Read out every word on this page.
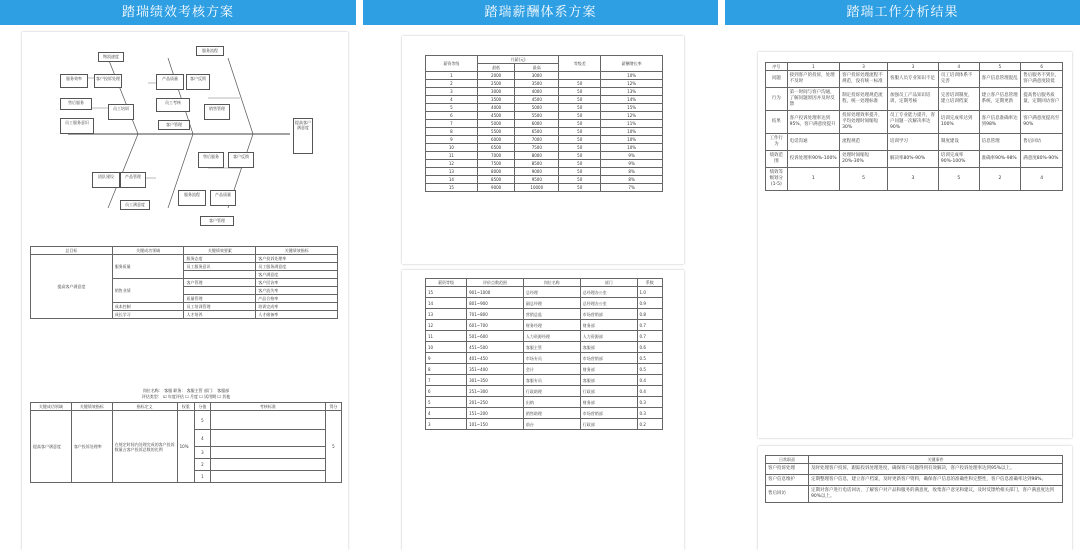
踏瑞绩效考核方案	踏瑞薪酬体系方案	踏瑞工作分析结果
提高客户满意度
物流速度
服务效率	客户投诉处理
售后服务
员工服务意识
员工培训
产品质量	客户反馈
服务流程
员工考核
销售管理
客户管理
团队建设	产品管理
员工满意度
售后服务	客户反馈
服务流程	产品质量
客户管理
总目标	关键成功领域	关键绩效要素	关键绩效指标
提高客户满意度	服务质量	服务态度	客户投诉处理率
		员工服务意识	员工服务满意度
			客户满意度
	销售业绩	客户管理	客户回访率
			客户流失率
		质量管理	产品合格率
	成本控制	员工培训管理	培训完成率
	成长学习	人才培养	人才储备率
岗位名称： 客服 职务： 客服主管 部门： 客服部
评估类型： ☑ 年度评估 ☐ 月度 ☐ 试用期 ☐ 其他
关键成功领域	关键绩效指标	指标定义	权重	分值	考核标准	得分
提高客户满意度	客户投诉处理率	在规定时间内处理完成的客户投诉数量占客户投诉总数的比例	10%	5		5
				4		
				3		
				2		
				1		
薪资等级	月薪(元)		等级差	薪酬增长率
	最低	最高		
1	2000	3000		10%
2	2500	3500	50	12%
3	3000	4000	50	13%
4	3500	4500	50	14%
5	4000	5000	50	15%
6	4500	5500	50	12%
7	5000	6000	50	11%
8	5500	6500	50	10%
9	6000	7000	50	10%
10	6500	7500	50	10%
11	7000	8000	50	9%
12	7500	8500	50	9%
13	8000	9000	50	8%
14	8500	9500	50	8%
15	9000	10000	50	7%
薪资等级	评价点数范围	岗位名称	部门	系数
15	901~1000	总经理	总经理办公室	1.0
14	801~900	副总经理	总经理办公室	0.9
13	701~800	营销总监	市场营销部	0.8
12	601~700	财务经理	财务部	0.7
11	501~600	人力资源经理	人力资源部	0.7
10	451~500	客服主管	客服部	0.6
9	401~450	市场专员	市场营销部	0.5
8	351~400	会计	财务部	0.5
7	301~350	客服专员	客服部	0.4
6	251~300	行政助理	行政部	0.4
5	201~250	出纳	财务部	0.3
4	151~200	销售助理	市场营销部	0.3
3	101~150	前台	行政部	0.2
序号	1	3	3	4	5	6
问题	接到客户的投诉，处理不及时	客户投诉处理流程不规范，没有统一标准	客服人员专业知识不足	员工培训体系不完善	客户信息管理混乱	售后服务不到位，客户满意度较低
行为	第一时间与客户沟通，了解问题原因并及时反馈	制定投诉处理规范流程，统一处理标准	加强员工产品知识培训，定期考核	完善培训制度，建立培训档案	建立客户信息管理系统，定期更新	提高售后服务质量，定期回访客户
结果	客户投诉处理率达到95%，客户满意度提升	投诉处理效率提升，平均处理时间缩短30%	员工专业能力提升，客户问题一次解决率达90%	培训完成率达到100%	客户信息准确率达到98%	客户满意度提高至90%
工作行为	电话沟通	流程规范	培训学习	制度建设	信息管理	售后回访
绩效范围	投诉处理率90%-100%	处理时间缩短20%-30%	解决率80%-90%	培训完成率90%-100%	准确率90%-98%	满意度80%-90%
绩效等级划分(1-5)	1	5	3	5	2	4
日常职责	关键事件
客户投诉处理	及时处理客户投诉，跟踪投诉处理进度，确保客户问题得到有效解决，客户投诉处理率达到95%以上。
客户信息维护	定期整理客户信息，建立客户档案，及时更新客户资料，确保客户信息的准确性和完整性，客户信息准确率达到98%。
售后回访	定期对客户进行电话回访，了解客户对产品和服务的满意度，收集客户意见和建议，及时反馈给相关部门，客户满意度达到90%以上。
